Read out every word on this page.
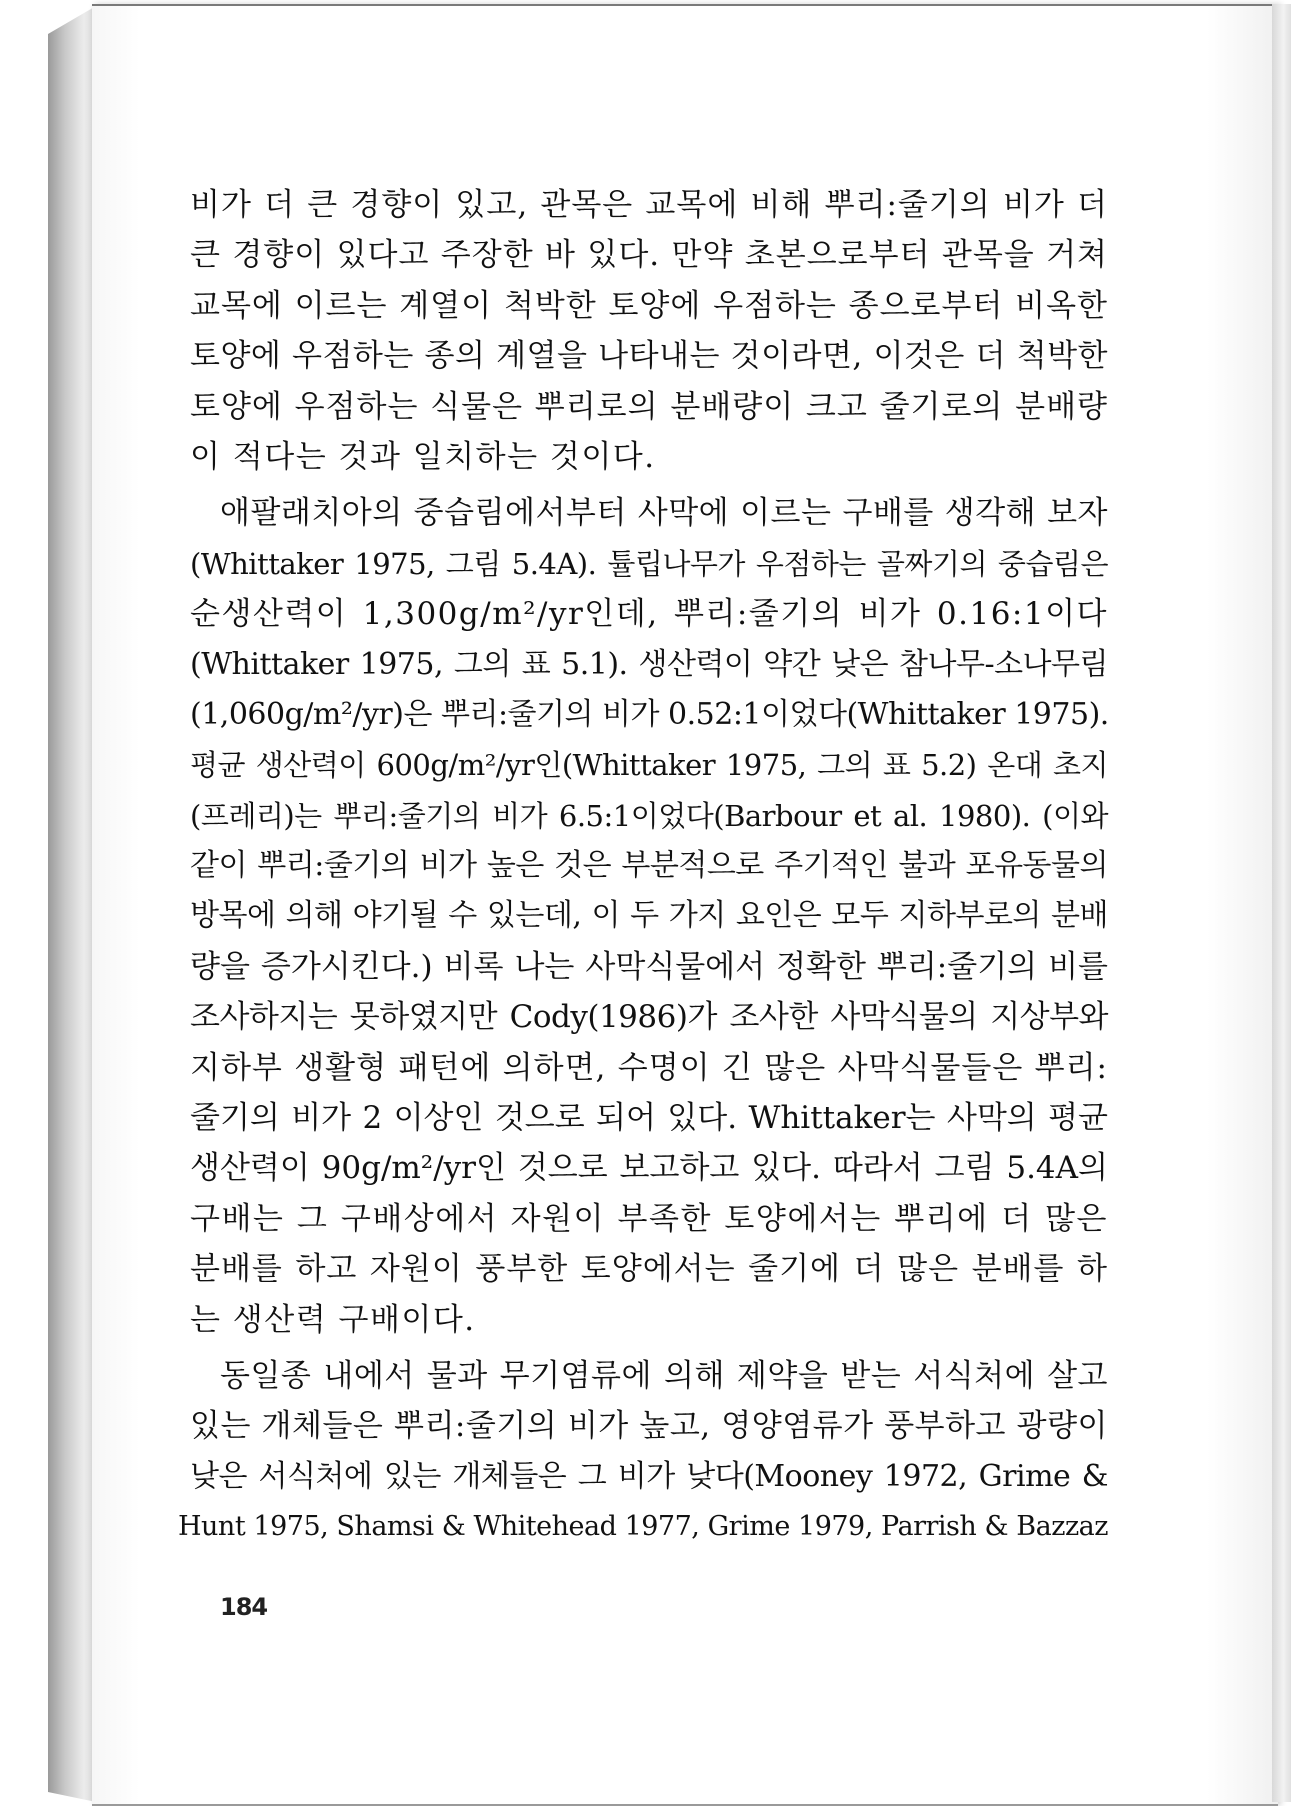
비가 더 큰 경향이 있고, 관목은 교목에 비해 뿌리:줄기의 비가 더
큰 경향이 있다고 주장한 바 있다. 만약 초본으로부터 관목을 거쳐
교목에 이르는 계열이 척박한 토양에 우점하는 종으로부터 비옥한
토양에 우점하는 종의 계열을 나타내는 것이라면, 이것은 더 척박한
토양에 우점하는 식물은 뿌리로의 분배량이 크고 줄기로의 분배량
이 적다는 것과 일치하는 것이다.
애팔래치아의 중습림에서부터 사막에 이르는 구배를 생각해 보자
(Whittaker 1975, 그림 5.4A). 튤립나무가 우점하는 골짜기의 중습림은
순생산력이 1,300g/m²/yr인데, 뿌리:줄기의 비가 0.16:1이다
(Whittaker 1975, 그의 표 5.1). 생산력이 약간 낮은 참나무-소나무림
(1,060g/m²/yr)은 뿌리:줄기의 비가 0.52:1이었다(Whittaker 1975).
평균 생산력이 600g/m²/yr인(Whittaker 1975, 그의 표 5.2) 온대 초지
(프레리)는 뿌리:줄기의 비가 6.5:1이었다(Barbour et al. 1980). (이와
같이 뿌리:줄기의 비가 높은 것은 부분적으로 주기적인 불과 포유동물의
방목에 의해 야기될 수 있는데, 이 두 가지 요인은 모두 지하부로의 분배
량을 증가시킨다.) 비록 나는 사막식물에서 정확한 뿌리:줄기의 비를
조사하지는 못하였지만 Cody(1986)가 조사한 사막식물의 지상부와
지하부 생활형 패턴에 의하면, 수명이 긴 많은 사막식물들은 뿌리:
줄기의 비가 2 이상인 것으로 되어 있다. Whittaker는 사막의 평균
생산력이 90g/m²/yr인 것으로 보고하고 있다. 따라서 그림 5.4A의
구배는 그 구배상에서 자원이 부족한 토양에서는 뿌리에 더 많은
분배를 하고 자원이 풍부한 토양에서는 줄기에 더 많은 분배를 하
는 생산력 구배이다.
동일종 내에서 물과 무기염류에 의해 제약을 받는 서식처에 살고
있는 개체들은 뿌리:줄기의 비가 높고, 영양염류가 풍부하고 광량이
낮은 서식처에 있는 개체들은 그 비가 낮다(Mooney 1972, Grime &
Hunt 1975, Shamsi & Whitehead 1977, Grime 1979, Parrish & Bazzaz
184
